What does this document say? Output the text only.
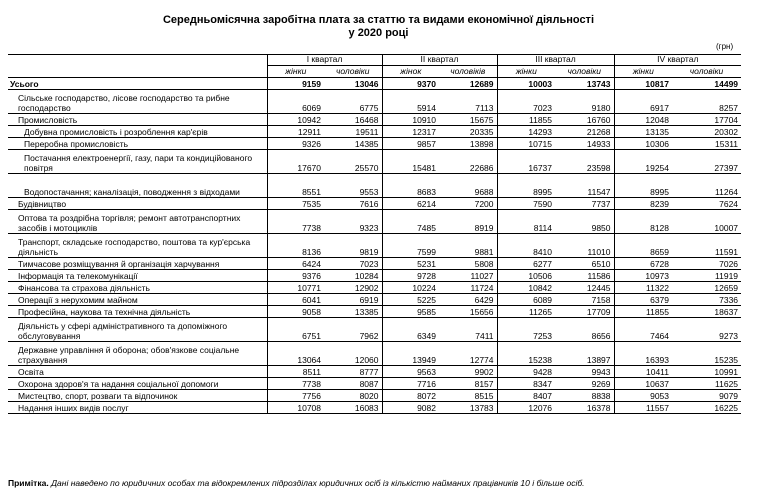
Середньомісячна заробітна плата за статтю та видами економічної діяльності
у 2020 році
(грн)
	I квартал		II квартал		III квартал		IV квартал	
	жінки	чоловіки	жінок	чоловіків	жінки	чоловіки	жінки	чоловіки
Усього	9159	13046	9370	12689	10003	13743	10817	14499
Сільське господарство, лісове господарство та рибне господарство	6069	6775	5914	7113	7023	9180	6917	8257
Промисловість	10942	16468	10910	15675	11855	16760	12048	17704
Добувна промисловість і розроблення кар'єрів	12911	19511	12317	20335	14293	21268	13135	20302
Переробна промисловість	9326	14385	9857	13898	10715	14933	10306	15311
Постачання електроенергії, газу, пари та кондиційованого повітря	17670	25570	15481	22686	16737	23598	19254	27397
Водопостачання; каналізація, поводження з відходами	8551	9553	8683	9688	8995	11547	8995	11264
Будівництво	7535	7616	6214	7200	7590	7737	8239	7624
Оптова та роздрібна торгівля; ремонт автотранспортних засобів і мотоциклів	7738	9323	7485	8919	8114	9850	8128	10007
Транспорт, складське господарство, поштова та кур'єрська діяльність	8136	9819	7599	9881	8410	11010	8659	11591
Тимчасове розміщування й організація харчування	6424	7023	5231	5808	6277	6510	6728	7026
Інформація та телекомунікації	9376	10284	9728	11027	10506	11586	10973	11919
Фінансова та страхова діяльність	10771	12902	10224	11724	10842	12445	11322	12659
Операції з нерухомим майном	6041	6919	5225	6429	6089	7158	6379	7336
Професійна, наукова та технічна діяльність	9058	13385	9585	15656	11265	17709	11855	18637
Діяльність у сфері адміністративного та допоміжного обслуговування	6751	7962	6349	7411	7253	8656	7464	9273
Державне управління й оборона; обов'язкове соціальне страхування	13064	12060	13949	12774	15238	13897	16393	15235
Освіта	8511	8777	9563	9902	9428	9943	10411	10991
Охорона здоров'я та надання соціальної допомоги	7738	8087	7716	8157	8347	9269	10637	11625
Мистецтво, спорт, розваги та відпочинок	7756	8020	8072	8515	8407	8838	9053	9079
Надання інших видів послуг	10708	16083	9082	13783	12076	16378	11557	16225
Примітка. Дані наведено по юридичних особах та відокремлених підрозділах юридичних осіб із кількістю найманих працівників 10 і більше осіб.
